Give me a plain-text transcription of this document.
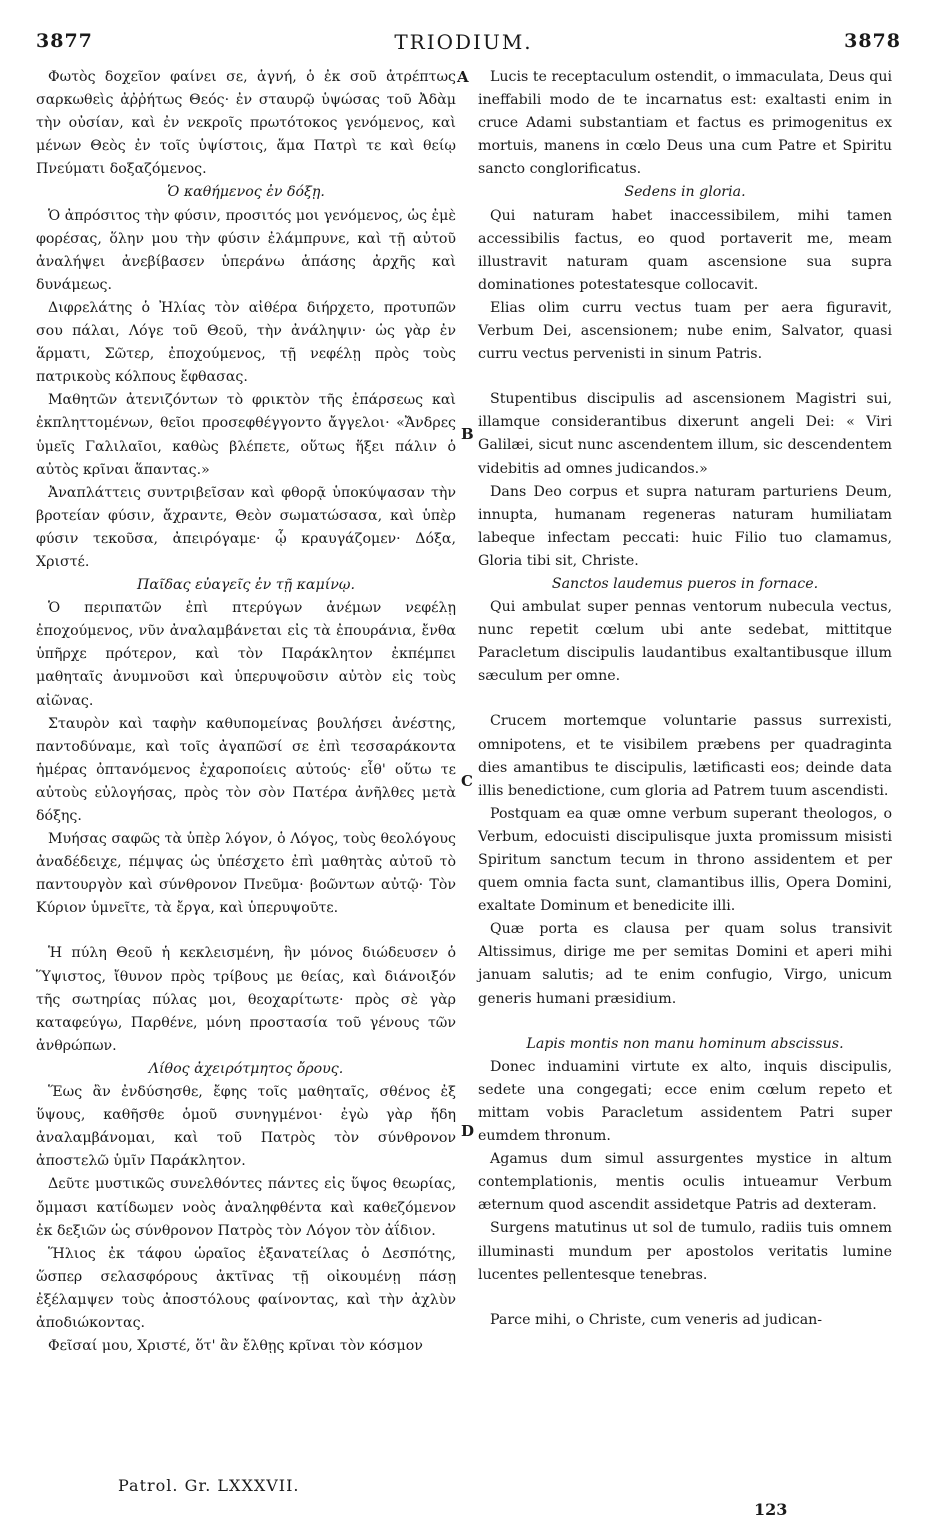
3877	TRIODIUM.	3878

Φωτὸς δοχεῖον φαίνει σε, ἁγνή, ὁ ἐκ σοῦ ἀτρέπτως σαρκωθεὶς ἀῤῥήτως Θεός· ἐν σταυρῷ ὑψώσας τοῦ Ἀδὰμ τὴν οὐσίαν, καὶ ἐν νεκροῖς πρωτότοκος γενόμενος, καὶ μένων Θεὸς ἐν τοῖς ὑψίστοις, ἅμα Πατρὶ τε καὶ θείῳ Πνεύματι δοξαζόμενος.

Ὁ καθήμενος ἐν δόξῃ.

Ὁ ἀπρόσιτος τὴν φύσιν, προσιτός μοι γενόμενος, ὡς ἐμὲ φορέσας, ὅλην μου τὴν φύσιν ἐλάμπρυνε, καὶ τῇ αὐτοῦ ἀναλήψει ἀνεβίβασεν ὑπεράνω ἁπάσης ἀρχῆς καὶ δυνάμεως.

Διφρελάτης ὁ Ἠλίας τὸν αἰθέρα διήρχετο, προτυπῶν σου πάλαι, Λόγε τοῦ Θεοῦ, τὴν ἀνάληψιν· ὡς γὰρ ἐν ἅρματι, Σῶτερ, ἐποχούμενος, τῇ νεφέλῃ πρὸς τοὺς πατρικοὺς κόλπους ἔφθασας.

Μαθητῶν ἀτενιζόντων τὸ φρικτὸν τῆς ἐπάρσεως καὶ ἐκπληττομένων, θεῖοι προσεφθέγγοντο ἄγγελοι· «Ἄνδρες ὑμεῖς Γαλιλαῖοι, καθὼς βλέπετε, οὕτως ἥξει πάλιν ὁ αὐτὸς κρῖναι ἅπαντας.»

Ἀναπλάττεις συντριβεῖσαν καὶ φθορᾷ ὑποκύψασαν τὴν βροτείαν φύσιν, ἄχραντε, Θεὸν σωματώσασα, καὶ ὑπὲρ φύσιν τεκοῦσα, ἀπειρόγαμε· ᾧ κραυγάζομεν· Δόξα, Χριστέ.

Παῖδας εὐαγεῖς ἐν τῇ καμίνῳ.

Ὁ περιπατῶν ἐπὶ πτερύγων ἀνέμων νεφέλῃ ἐποχούμενος, νῦν ἀναλαμβάνεται εἰς τὰ ἐπουράνια, ἔνθα ὑπῆρχε πρότερον, καὶ τὸν Παράκλητον ἐκπέμπει μαθηταῖς ἀνυμνοῦσι καὶ ὑπερυψοῦσιν αὐτὸν εἰς τοὺς αἰῶνας.

Σταυρὸν καὶ ταφὴν καθυπομείνας βουλήσει ἀνέστης, παντοδύναμε, καὶ τοῖς ἀγαπῶσί σε ἐπὶ τεσσαράκοντα ἡμέρας ὀπτανόμενος ἐχαροποίεις αὐτούς· εἶθ' οὕτω τε αὐτοὺς εὐλογήσας, πρὸς τὸν σὸν Πατέρα ἀνῆλθες μετὰ δόξης.

Μυήσας σαφῶς τὰ ὑπὲρ λόγον, ὁ Λόγος, τοὺς θεολόγους ἀναδέδειχε, πέμψας ὡς ὑπέσχετο ἐπὶ μαθητὰς αὐτοῦ τὸ παντουργὸν καὶ σύνθρονον Πνεῦμα· βοῶντων αὐτῷ· Τὸν Κύριον ὑμνεῖτε, τὰ ἔργα, καὶ ὑπερυψοῦτε.

Ἡ πύλη Θεοῦ ἡ κεκλεισμένη, ἣν μόνος διώδευσεν ὁ Ὕψιστος, ἴθυνον πρὸς τρίβους με θείας, καὶ διάνοιξόν τῆς σωτηρίας πύλας μοι, θεοχαρίτωτε· πρὸς σὲ γὰρ καταφεύγω, Παρθένε, μόνη προστασία τοῦ γένους τῶν ἀνθρώπων.

Λίθος ἀχειρότμητος ὄρους.

Ἕως ἂν ἐνδύσησθε, ἔφης τοῖς μαθηταῖς, σθένος ἐξ ὕψους, καθῆσθε ὁμοῦ συνηγμένοι· ἐγὼ γὰρ ἤδη ἀναλαμβάνομαι, καὶ τοῦ Πατρὸς τὸν σύνθρονον ἀποστελῶ ὑμῖν Παράκλητον.

Δεῦτε μυστικῶς συνελθόντες πάντες εἰς ὕψος θεωρίας, ὄμμασι κατίδωμεν νοὸς ἀναληφθέντα καὶ καθεζόμενον ἐκ δεξιῶν ὡς σύνθρονον Πατρὸς τὸν Λόγον τὸν ἀΐδιον.

Ἥλιος ἐκ τάφου ὡραῖος ἐξανατείλας ὁ Δεσπότης, ὥσπερ σελασφόρους ἀκτῖνας τῇ οἰκουμένῃ πάσῃ ἐξέλαμψεν τοὺς ἀποστόλους φαίνοντας, καὶ τὴν ἀχλὺν ἀποδιώκοντας.

Φεῖσαί μου, Χριστέ, ὅτ' ἂν ἔλθῃς κρῖναι τὸν κόσμον

Lucis te receptaculum ostendit, o immaculata, Deus qui ineffabili modo de te incarnatus est: exaltasti enim in cruce Adami substantiam et factus es primogenitus ex mortuis, manens in cœlo Deus una cum Patre et Spiritu sancto conglorificatus.

Sedens in gloria.

Qui naturam habet inaccessibilem, mihi tamen accessibilis factus, eo quod portaverit me, meam illustravit naturam quam ascensione sua supra dominationes potestatesque collocavit.

Elias olim curru vectus tuam per aera figuravit, Verbum Dei, ascensionem; nube enim, Salvator, quasi curru vectus pervenisti in sinum Patris.

Stupentibus discipulis ad ascensionem Magistri sui, illamque considerantibus dixerunt angeli Dei: « Viri Galilæi, sicut nunc ascendentem illum, sic descendentem videbitis ad omnes judicandos.»

Dans Deo corpus et supra naturam parturiens Deum, innupta, humanam regeneras naturam humiliatam labeque infectam peccati: huic Filio tuo clamamus, Gloria tibi sit, Christe.

Sanctos laudemus pueros in fornace.

Qui ambulat super pennas ventorum nubecula vectus, nunc repetit cœlum ubi ante sedebat, mittitque Paracletum discipulis laudantibus exaltantibusque illum sæculum per omne.

Crucem mortemque voluntarie passus surrexisti, omnipotens, et te visibilem præbens per quadraginta dies amantibus te discipulis, lætificasti eos; deinde data illis benedictione, cum gloria ad Patrem tuum ascendisti.

Postquam ea quæ omne verbum superant theologos, o Verbum, edocuisti discipulisque juxta promissum misisti Spiritum sanctum tecum in throno assidentem et per quem omnia facta sunt, clamantibus illis, Opera Domini, exaltate Dominum et benedicite illi.

Quæ porta es clausa per quam solus transivit Altissimus, dirige me per semitas Domini et aperi mihi januam salutis; ad te enim confugio, Virgo, unicum generis humani præsidium.

Lapis montis non manu hominum abscissus.

Donec induamini virtute ex alto, inquis discipulis, sedete una congegati; ecce enim cœlum repeto et mittam vobis Paracletum assidentem Patri super eumdem thronum.

Agamus dum simul assurgentes mystice in altum contemplationis, mentis oculis intueamur Verbum æternum quod ascendit assidetque Patris ad dexteram.

Surgens matutinus ut sol de tumulo, radiis tuis omnem illuminasti mundum per apostolos veritatis lumine lucentes pellentesque tenebras.

Parce mihi, o Christe, cum veneris ad judican-

A
B
C
D
Patrol. Gr. LXXXVII.
123
